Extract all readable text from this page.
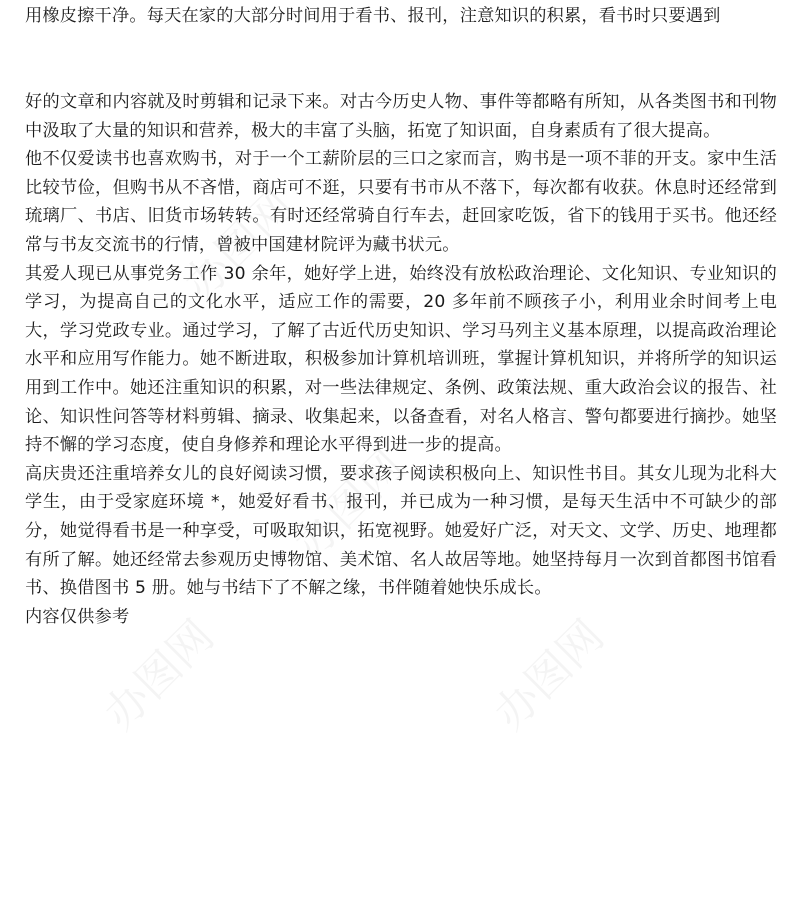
用橡皮擦干净。每天在家的大部分时间用于看书、报刊，注意知识的积累，看书时只要遇到

好的文章和内容就及时剪辑和记录下来。对古今历史人物、事件等都略有所知，从各类图书和刊物中汲取了大量的知识和营养，极大的丰富了头脑，拓宽了知识面，自身素质有了很大提高。

他不仅爱读书也喜欢购书，对于一个工薪阶层的三口之家而言，购书是一项不菲的开支。家中生活比较节俭，但购书从不吝惜，商店可不逛，只要有书市从不落下，每次都有收获。休息时还经常到琉璃厂、书店、旧货市场转转。有时还经常骑自行车去，赶回家吃饭，省下的钱用于买书。他还经常与书友交流书的行情，曾被中国建材院评为藏书状元。

其爱人现已从事党务工作 30 余年，她好学上进，始终没有放松政治理论、文化知识、专业知识的学习，为提高自己的文化水平，适应工作的需要，20 多年前不顾孩子小，利用业余时间考上电大，学习党政专业。通过学习，了解了古近代历史知识、学习马列主义基本原理，以提高政治理论水平和应用写作能力。她不断进取，积极参加计算机培训班，掌握计算机知识，并将所学的知识运用到工作中。她还注重知识的积累，对一些法律规定、条例、政策法规、重大政治会议的报告、社论、知识性问答等材料剪辑、摘录、收集起来，以备查看，对名人格言、警句都要进行摘抄。她坚持不懈的学习态度，使自身修养和理论水平得到进一步的提高。

高庆贵还注重培养女儿的良好阅读习惯，要求孩子阅读积极向上、知识性书目。其女儿现为北科大学生，由于受家庭环境 *，她爱好看书、报刊，并已成为一种习惯，是每天生活中不可缺少的部分，她觉得看书是一种享受，可吸取知识，拓宽视野。她爱好广泛，对天文、文学、历史、地理都有所了解。她还经常去参观历史博物馆、美术馆、名人故居等地。她坚持每月一次到首都图书馆看书、换借图书 5 册。她与书结下了不解之缘，书伴随着她快乐成长。

内容仅供参考
